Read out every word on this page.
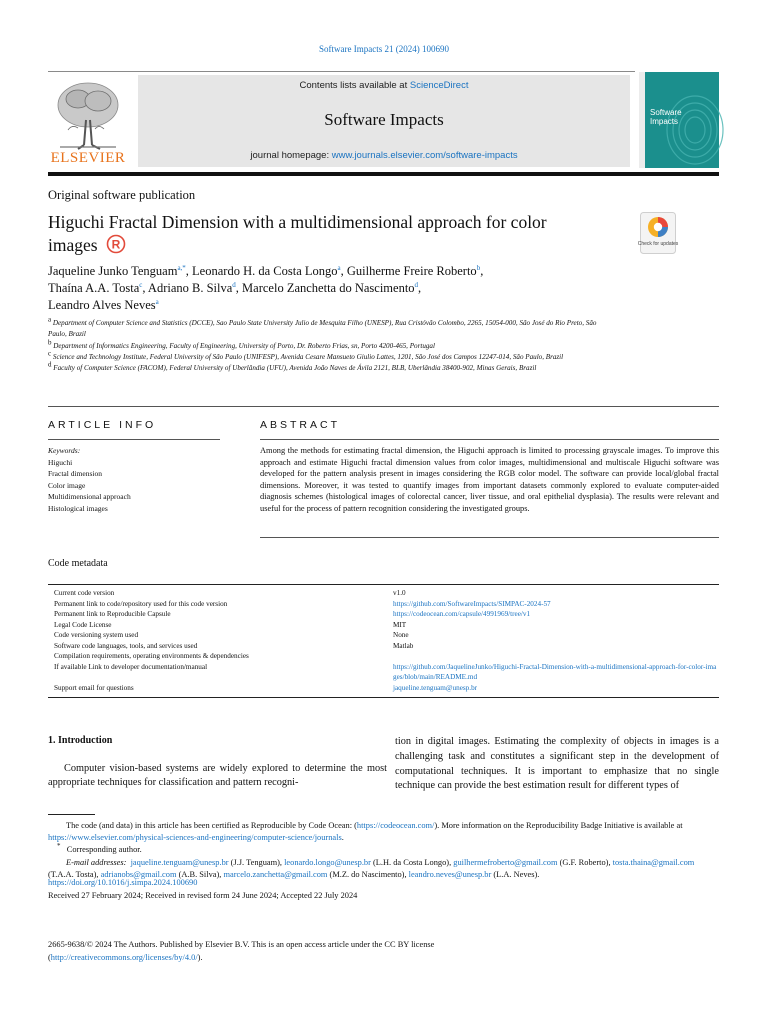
Software Impacts 21 (2024) 100690
ELSEVIER
Contents lists available at ScienceDirect
Software Impacts
journal homepage: www.journals.elsevier.com/software-impacts
Software
Impacts
Original software publication
Higuchi Fractal Dimension with a multidimensional approach for color images R	Check for updates
Jaqueline Junko Tenguam$^{a,*}$, Leonardo H. da Costa Longo$^a$, Guilherme Freire Roberto$^b$,
Thaína A.A. Tosta$^c$, Adriano B. Silva$^d$, Marcelo Zanchetta do Nascimento$^d$,
Leandro Alves Neves$^a$

$^a$ Department of Computer Science and Statistics (DCCE), Sao Paulo State University Julio de Mesquita Filho (UNESP), Rua Cristóvão Colombo, 2265, 15054-000, São José do Rio Preto, São Paulo, Brazil

$^b$ Department of Informatics Engineering, Faculty of Engineering, University of Porto, Dr. Roberto Frias, sn, Porto 4200-465, Portugal

$^c$ Science and Technology Institute, Federal University of São Paulo (UNIFESP), Avenida Cesare Mansueto Giulio Lattes, 1201, São José dos Campos 12247-014, São Paulo, Brazil

$^d$ Faculty of Computer Science (FACOM), Federal University of Uberlândia (UFU), Avenida João Naves de Ávila 2121, BLB, Uberlândia 38400-902, Minas Gerais, Brazil

ARTICLE INFO	ABSTRACT
Keywords:
Higuchi
Fractal dimension
Color image
Multidimensional approach
Histological images
Among the methods for estimating fractal dimension, the Higuchi approach is limited to processing grayscale images. To improve this approach and estimate Higuchi fractal dimension values from color images, multidimensional and multiscale Higuchi software was developed for the pattern analysis present in images considering the RGB color model. The software can provide local/global fractal dimensions. Moreover, it was tested to quantify images from important datasets commonly explored to evaluate computer-aided diagnosis schemes (histological images of colorectal cancer, liver tissue, and oral epithelial dysplasia). The results were relevant and useful for the process of pattern recognition considering the investigated groups.
Code metadata
Current code version	v1.0
Permanent link to code/repository used for this code version	https://github.com/SoftwareImpacts/SIMPAC-2024-57
Permanent link to Reproducible Capsule	https://codeocean.com/capsule/4991969/tree/v1
Legal Code License	MIT
Code versioning system used	None
Software code languages, tools, and services used	Matlab
Compilation requirements, operating environments & dependencies
If available Link to developer documentation/manual	https://github.com/JaquelineJunko/Higuchi-Fractal-Dimension-with-a-multidimensional-approach-for-color-images/blob/main/README.md
Support email for questions	jaqueline.tenguam@unesp.br
1. Introduction
Computer vision-based systems are widely explored to determine the most appropriate techniques for classification and pattern recogni-
tion in digital images. Estimating the complexity of objects in images is a challenging task and constitutes a significant step in the development of computational techniques. It is important to emphasize that no single technique can provide the best estimation result for different types of

The code (and data) in this article has been certified as Reproducible by Code Ocean: (https://codeocean.com/). More information on the Reproducibility Badge Initiative is available at https://www.elsevier.com/physical-sciences-and-engineering/computer-science/journals.

* Corresponding author.

E-mail addresses: jaqueline.tenguam@unesp.br (J.J. Tenguam), leonardo.longo@unesp.br (L.H. da Costa Longo), guilhermefroberto@gmail.com (G.F. Roberto), tosta.thaina@gmail.com (T.A.A. Tosta), adrianobs@gmail.com (A.B. Silva), marcelo.zanchetta@gmail.com (M.Z. do Nascimento), leandro.neves@unesp.br (L.A. Neves).

https://doi.org/10.1016/j.simpa.2024.100690
Received 27 February 2024; Received in revised form 24 June 2024; Accepted 22 July 2024
2665-9638/© 2024 The Authors. Published by Elsevier B.V. This is an open access article under the CC BY license
(http://creativecommons.org/licenses/by/4.0/).
